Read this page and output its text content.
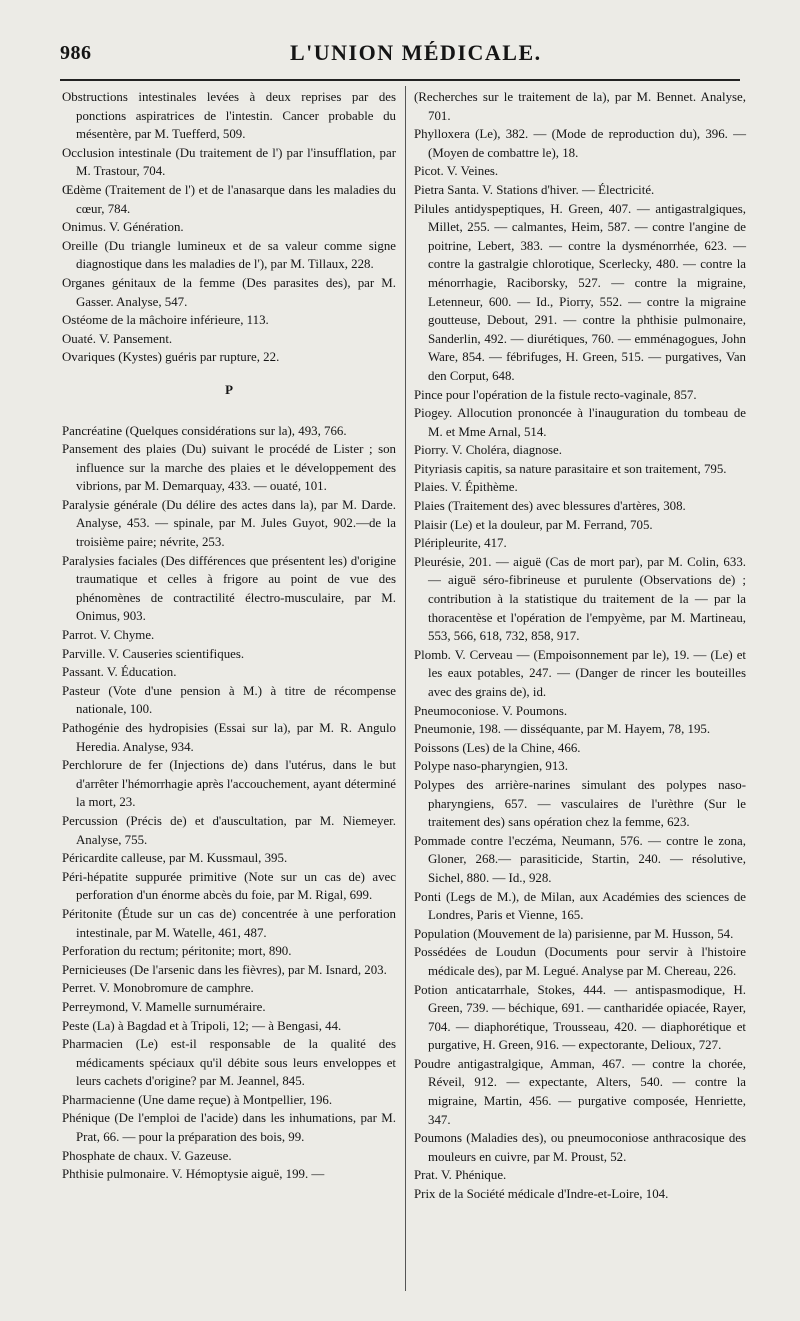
986	L'UNION MÉDICALE.

Obstructions intestinales levées à deux reprises par des ponctions aspiratrices de l'intestin. Cancer probable du mésentère, par M. Tuefferd, 509.

Occlusion intestinale (Du traitement de l') par l'insufflation, par M. Trastour, 704.

Œdème (Traitement de l') et de l'anasarque dans les maladies du cœur, 784.

Onimus. V. Génération.

Oreille (Du triangle lumineux et de sa valeur comme signe diagnostique dans les maladies de l'), par M. Tillaux, 228.

Organes génitaux de la femme (Des parasites des), par M. Gasser. Analyse, 547.

Ostéome de la mâchoire inférieure, 113.

Ouaté. V. Pansement.

Ovariques (Kystes) guéris par rupture, 22.

P

Pancréatine (Quelques considérations sur la), 493, 766.

Pansement des plaies (Du) suivant le procédé de Lister ; son influence sur la marche des plaies et le développement des vibrions, par M. Demarquay, 433. — ouaté, 101.

Paralysie générale (Du délire des actes dans la), par M. Darde. Analyse, 453. — spinale, par M. Jules Guyot, 902.—de la troisième paire; névrite, 253.

Paralysies faciales (Des différences que présentent les) d'origine traumatique et celles à frigore au point de vue des phénomènes de contractilité électro-musculaire, par M. Onimus, 903.

Parrot. V. Chyme.

Parville. V. Causeries scientifiques.

Passant. V. Éducation.

Pasteur (Vote d'une pension à M.) à titre de récompense nationale, 100.

Pathogénie des hydropisies (Essai sur la), par M. R. Angulo Heredia. Analyse, 934.

Perchlorure de fer (Injections de) dans l'utérus, dans le but d'arrêter l'hémorrhagie après l'accouchement, ayant déterminé la mort, 23.

Percussion (Précis de) et d'auscultation, par M. Niemeyer. Analyse, 755.

Péricardite calleuse, par M. Kussmaul, 395.

Péri-hépatite suppurée primitive (Note sur un cas de) avec perforation d'un énorme abcès du foie, par M. Rigal, 699.

Péritonite (Étude sur un cas de) concentrée à une perforation intestinale, par M. Watelle, 461, 487.

Perforation du rectum; péritonite; mort, 890.

Pernicieuses (De l'arsenic dans les fièvres), par M. Isnard, 203.

Perret. V. Monobromure de camphre.

Perreymond, V. Mamelle surnuméraire.

Peste (La) à Bagdad et à Tripoli, 12; — à Bengasi, 44.

Pharmacien (Le) est-il responsable de la qualité des médicaments spéciaux qu'il débite sous leurs enveloppes et leurs cachets d'origine? par M. Jeannel, 845.

Pharmacienne (Une dame reçue) à Montpellier, 196.

Phénique (De l'emploi de l'acide) dans les inhumations, par M. Prat, 66. — pour la préparation des bois, 99.

Phosphate de chaux. V. Gazeuse.

Phthisie pulmonaire. V. Hémoptysie aiguë, 199. —

(Recherches sur le traitement de la), par M. Bennet. Analyse, 701.

Phylloxera (Le), 382. — (Mode de reproduction du), 396. — (Moyen de combattre le), 18.

Picot. V. Veines.

Pietra Santa. V. Stations d'hiver. — Électricité.

Pilules antidyspeptiques, H. Green, 407. — antigastralgiques, Millet, 255. — calmantes, Heim, 587. — contre l'angine de poitrine, Lebert, 383. — contre la dysménorrhée, 623. — contre la gastralgie chlorotique, Scerlecky, 480. — contre la ménorrhagie, Raciborsky, 527. — contre la migraine, Letenneur, 600. — Id., Piorry, 552. — contre la migraine goutteuse, Debout, 291. — contre la phthisie pulmonaire, Sanderlin, 492. — diurétiques, 760. — emménagogues, John Ware, 854. — fébrifuges, H. Green, 515. — purgatives, Van den Corput, 648.

Pince pour l'opération de la fistule recto-vaginale, 857.

Piogey. Allocution prononcée à l'inauguration du tombeau de M. et Mme Arnal, 514.

Piorry. V. Choléra, diagnose.

Pityriasis capitis, sa nature parasitaire et son traitement, 795.

Plaies. V. Épithème.

Plaies (Traitement des) avec blessures d'artères, 308.

Plaisir (Le) et la douleur, par M. Ferrand, 705.

Pléripleurite, 417.

Pleurésie, 201. — aiguë (Cas de mort par), par M. Colin, 633. — aiguë séro-fibrineuse et purulente (Observations de) ; contribution à la statistique du traitement de la — par la thoracentèse et l'opération de l'empyème, par M. Martineau, 553, 566, 618, 732, 858, 917.

Plomb. V. Cerveau — (Empoisonnement par le), 19. — (Le) et les eaux potables, 247. — (Danger de rincer les bouteilles avec des grains de), id.

Pneumoconiose. V. Poumons.

Pneumonie, 198. — disséquante, par M. Hayem, 78, 195.

Poissons (Les) de la Chine, 466.

Polype naso-pharyngien, 913.

Polypes des arrière-narines simulant des polypes naso-pharyngiens, 657. — vasculaires de l'urèthre (Sur le traitement des) sans opération chez la femme, 623.

Pommade contre l'eczéma, Neumann, 576. — contre le zona, Gloner, 268.— parasiticide, Startin, 240. — résolutive, Sichel, 880. — Id., 928.

Ponti (Legs de M.), de Milan, aux Académies des sciences de Londres, Paris et Vienne, 165.

Population (Mouvement de la) parisienne, par M. Husson, 54.

Possédées de Loudun (Documents pour servir à l'histoire médicale des), par M. Legué. Analyse par M. Chereau, 226.

Potion anticatarrhale, Stokes, 444. — antispasmodique, H. Green, 739. — béchique, 691. — cantharidée opiacée, Rayer, 704. — diaphorétique, Trousseau, 420. — diaphorétique et purgative, H. Green, 916. — expectorante, Delioux, 727.

Poudre antigastralgique, Amman, 467. — contre la chorée, Réveil, 912. — expectante, Alters, 540. — contre la migraine, Martin, 456. — purgative composée, Henriette, 347.

Poumons (Maladies des), ou pneumoconiose anthracosique des mouleurs en cuivre, par M. Proust, 52.

Prat. V. Phénique.

Prix de la Société médicale d'Indre-et-Loire, 104.
